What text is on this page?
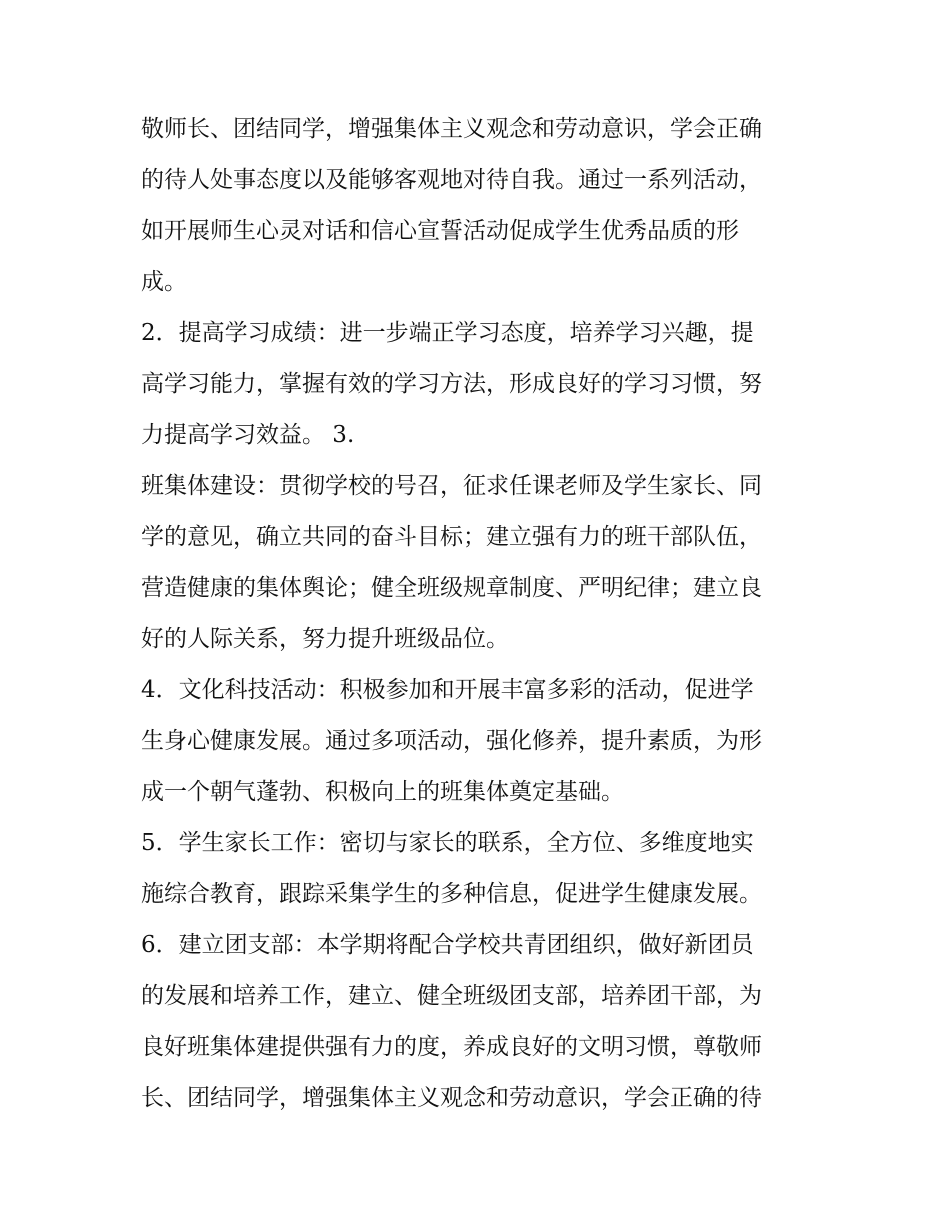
敬师长、团结同学，增强集体主义观念和劳动意识，学会正确
的待人处事态度以及能够客观地对待自我。通过一系列活动，
如开展师生心灵对话和信心宣誓活动促成学生优秀品质的形
成。
2．提高学习成绩：进一步端正学习态度，培养学习兴趣，提
高学习能力，掌握有效的学习方法，形成良好的学习习惯，努
力提高学习效益。 3.
班集体建设：贯彻学校的号召，征求任课老师及学生家长、同
学的意见，确立共同的奋斗目标；建立强有力的班干部队伍，
营造健康的集体舆论；健全班级规章制度、严明纪律；建立良
好的人际关系，努力提升班级品位。
4．文化科技活动：积极参加和开展丰富多彩的活动，促进学
生身心健康发展。通过多项活动，强化修养，提升素质，为形
成一个朝气蓬勃、积极向上的班集体奠定基础。
5．学生家长工作：密切与家长的联系，全方位、多维度地实
施综合教育，跟踪采集学生的多种信息，促进学生健康发展。
6．建立团支部：本学期将配合学校共青团组织，做好新团员
的发展和培养工作，建立、健全班级团支部，培养团干部，为
良好班集体建提供强有力的度，养成良好的文明习惯，尊敬师
长、团结同学，增强集体主义观念和劳动意识，学会正确的待
